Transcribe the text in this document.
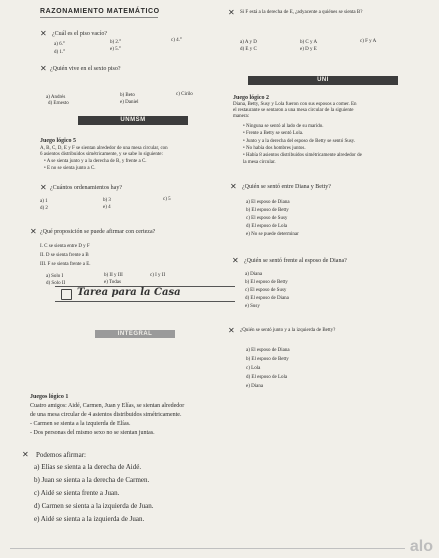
RAZONAMIENTO MATEMÁTICO
✕ ¿Cuál es el piso vacío?
a) 6.°	b) 2.°	c) 4.°
d) 1.°
e) 5.°
✕ ¿Quién vive en el sexto piso?
a) Andrés	b) Beto	c) Cirilo
d) Ernesto	e) Daniel
UNMSM
Juego lógico 5
A, B, C, D, E y F se sientan alrededor de una mesa circular, con
6 asientos distribuidos simétricamente, y se sabe lo siguiente:
• A se sienta junto y a la derecha de B, y frente a C.
• E no se sienta junto a C.
✕ ¿Cuántos ordenamientos hay?
a) 1	b) 3	c) 5
d) 2	e) 4
✕ ¿Qué proposición se puede afirmar con certeza?
I. C se sienta entre D y F
II. D se sienta frente a B
III. F se sienta frente a E.
a) Solo I	b) II y III	c) I y II
d) Solo II	e) Todas
Tarea para la Casa
INTEGRAL
✕ Si F está a la derecha de E, ¿adyacente a quiénes se sienta B?
a) A y D	b) C y A	c) F y A
d) E y C	e) D y E
UNI
Juego lógico 2
Diana, Betty, Susy y Lola fueron con sus esposos a comer. En
el restaurante se sentaron a una mesa circular de la siguiente
manera:
• Ninguna se sentó al lado de su marido.
• Frente a Betty se sentó Lola.
• Junto y a la derecha del esposo de Betty se sentó Susy.
• No había dos hombres juntos.
• Había 8 asientos distribuidos simétricamente alrededor de
la mesa circular.
✕ ¿Quién se sentó entre Diana y Betty?
a) El esposo de Diana
b) El esposo de Betty
c) El esposo de Susy
d) El esposo de Lola
e) No se puede determinar
✕ ¿Quién se sentó frente al esposo de Diana?
a) Diana
b) El esposo de Betty
c) El esposo de Susy
d) El esposo de Diana
e) Susy
✕ ¿Quién se sentó junto y a la izquierda de Betty?
a) El esposo de Diana
b) El esposo de Betty
c) Lola
d) El esposo de Lola
e) Diana
Juegos lógico 1
Cuatro amigos: Aidé, Carmen, Juan y Elías, se sientan alrededor
de una mesa circular de 4 asientos distribuidos simétricamente.
- Carmen se sienta a la izquierda de Elías.
- Dos personas del mismo sexo no se sientan juntas.
✕ Podemos afirmar:
a) Elías se sienta a la derecha de Aidé.
b) Juan se sienta a la derecha de Carmen.
c) Aidé se sienta frente a Juan.
d) Carmen se sienta a la izquierda de Juan.
e) Aidé se sienta a la izquierda de Juan.
alo
